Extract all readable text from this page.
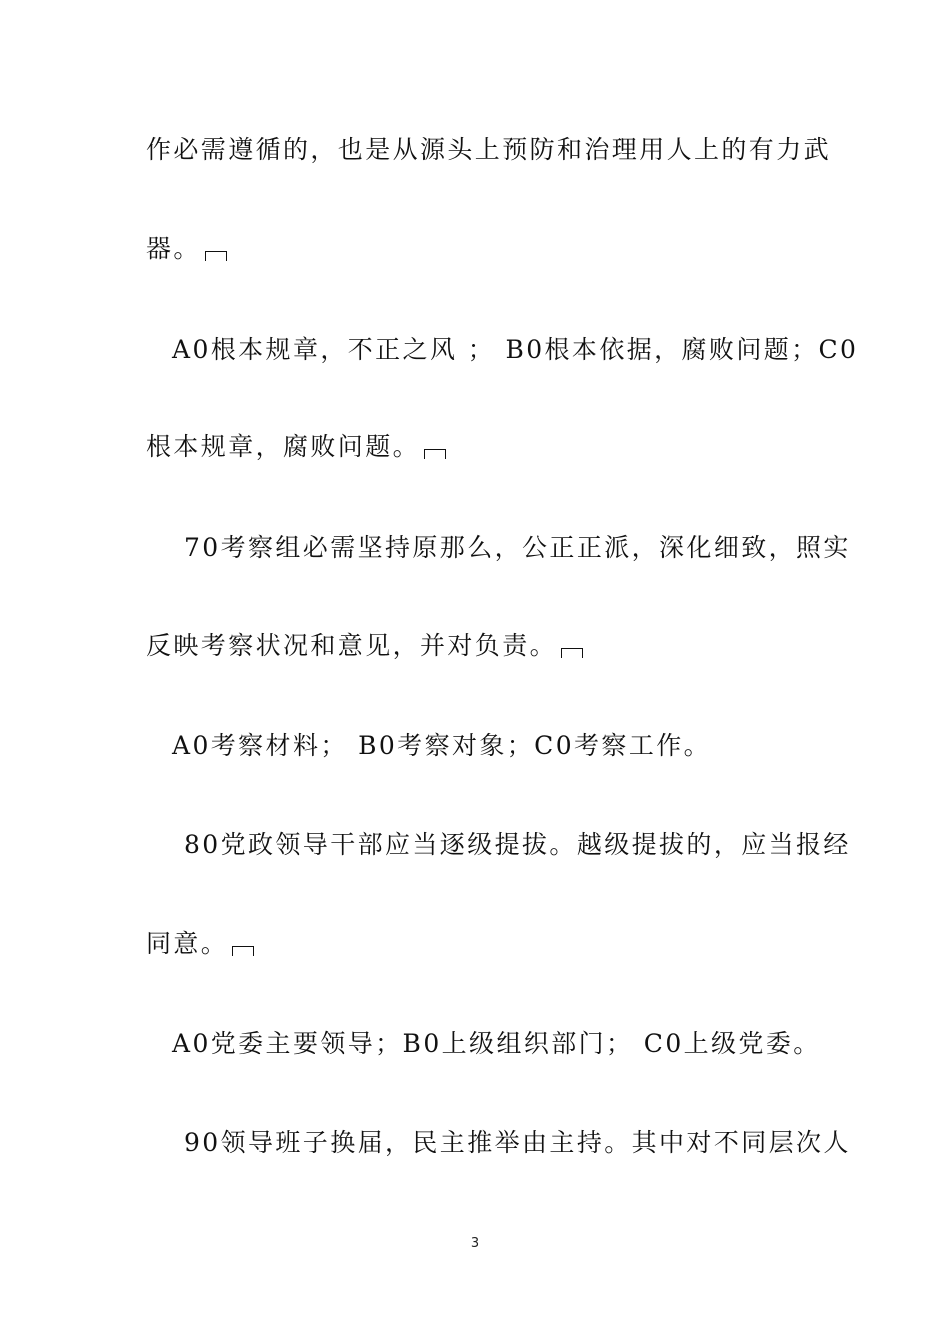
作必需遵循的，也是从源头上预防和治理用人上的有力武
器。
A0根本规章，不正之风 ； B0根本依据，腐败问题；C0
根本规章，腐败问题。
70考察组必需坚持原那么，公正正派，深化细致，照实
反映考察状况和意见，并对负责。
A0考察材料； B0考察对象；C0考察工作。
80党政领导干部应当逐级提拔。越级提拔的，应当报经
同意。
A0党委主要领导；B0上级组织部门； C0上级党委。
90领导班子换届，民主推举由主持。其中对不同层次人
3
